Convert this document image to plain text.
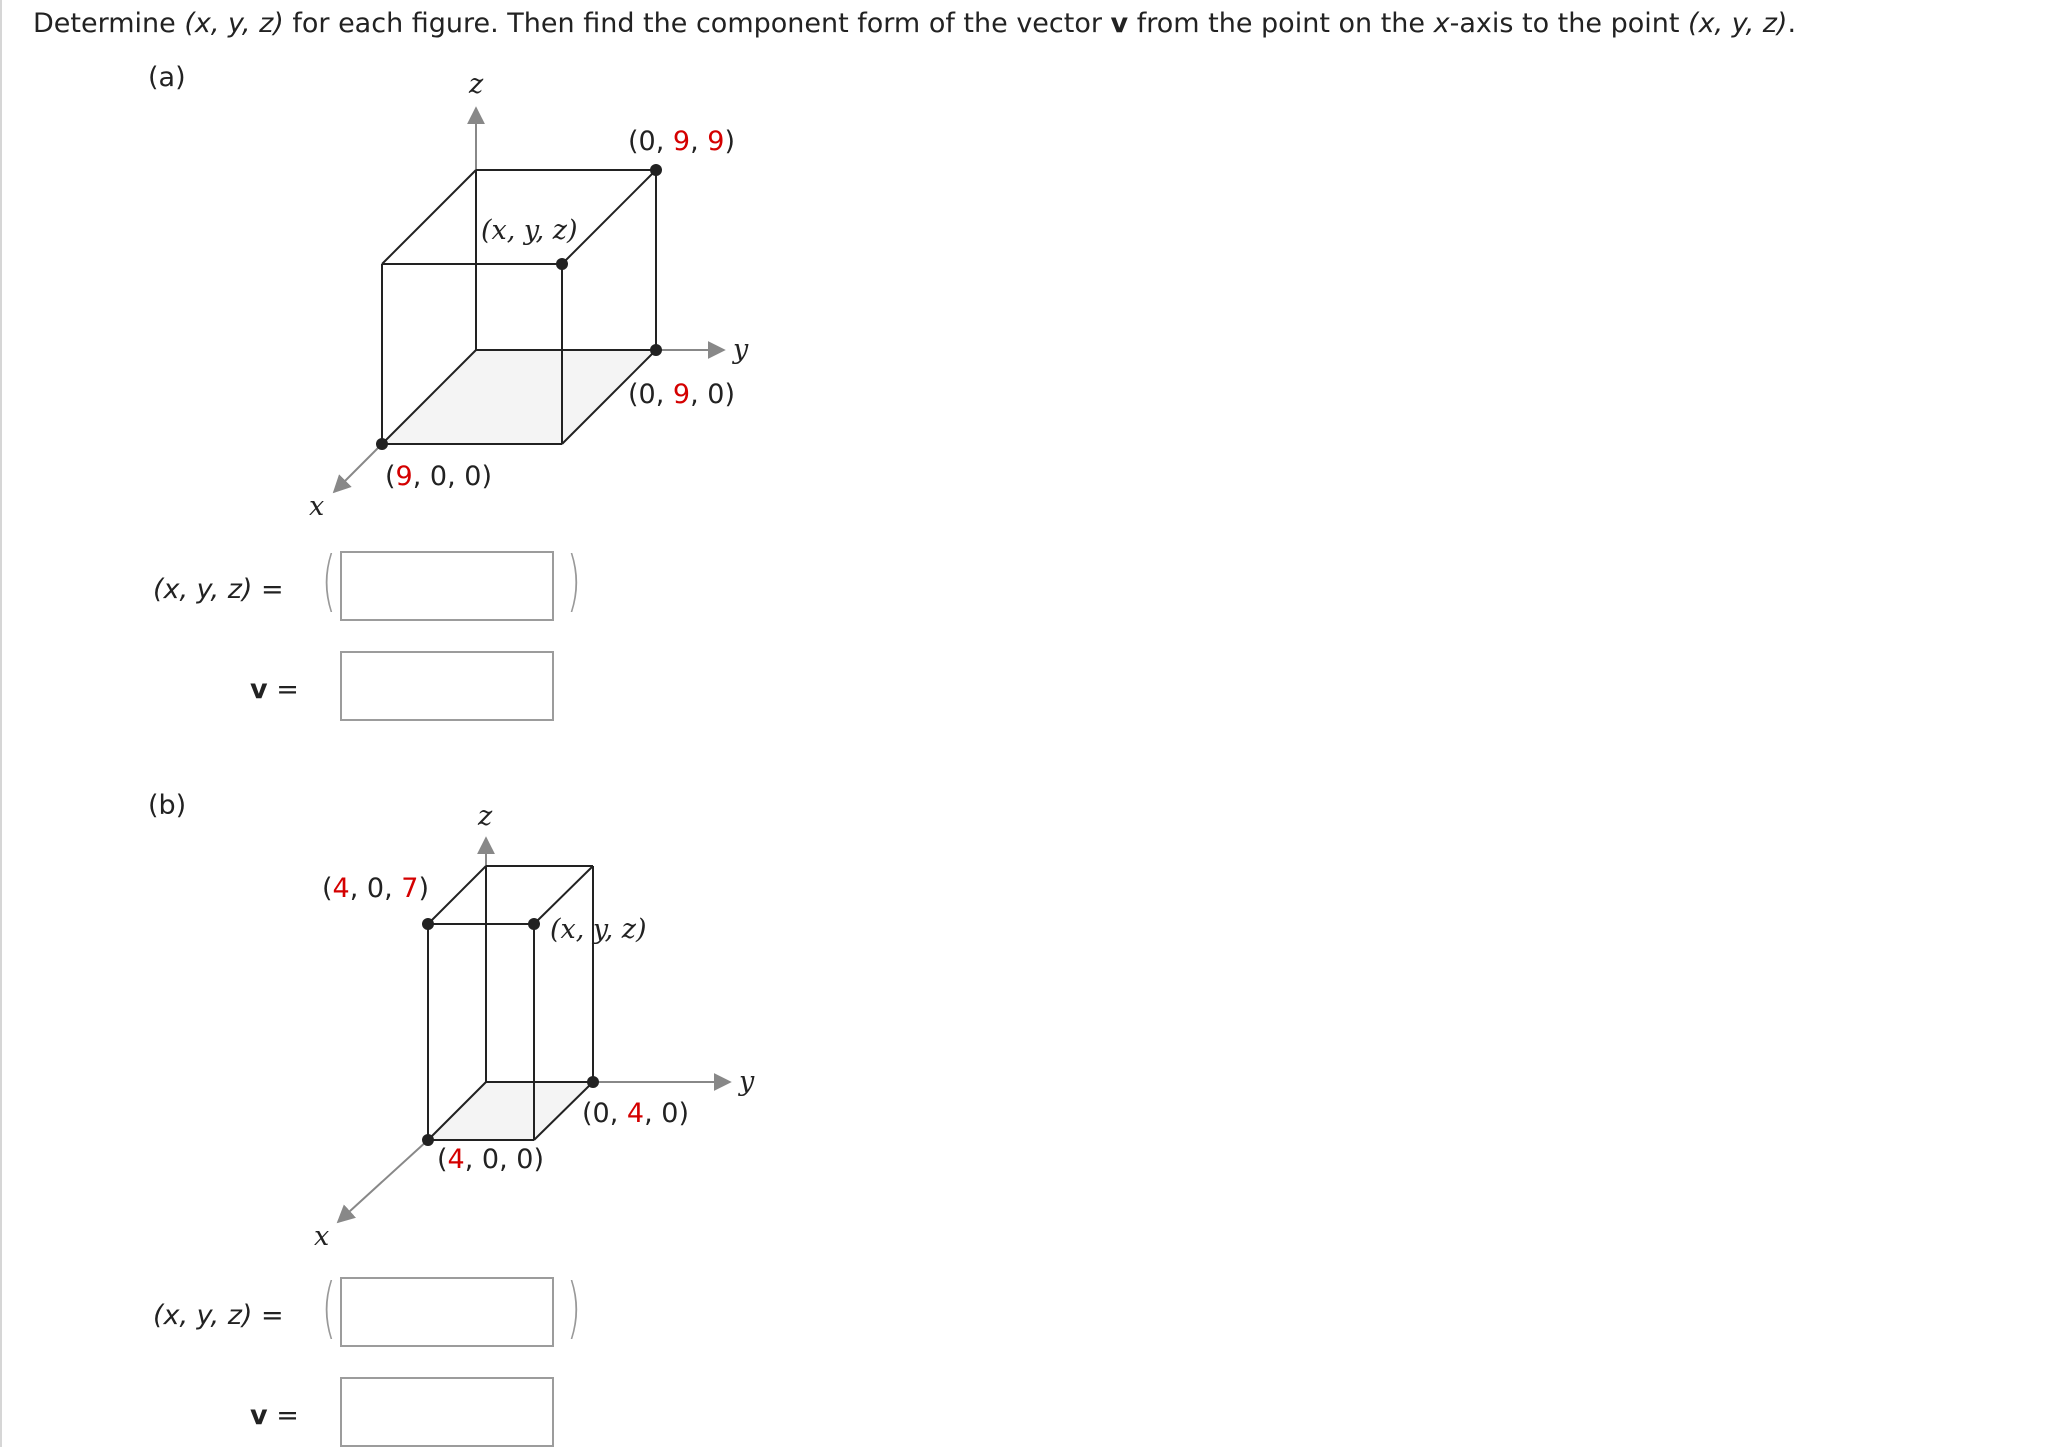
Determine (x, y, z) for each figure. Then find the component form of the vector v from the point on the x-axis to the point (x, y, z).
(a)	z
y
x
(x, y, z)
(0, 9, 9)
(0, 9, 0)
(9, 0, 0)
(x, y, z) = (	)
v =
(b)	z
y
x
(x, y, z)
(4, 0, 7)
(0, 4, 0)
(4, 0, 0)
(x, y, z) = (	)
v =
